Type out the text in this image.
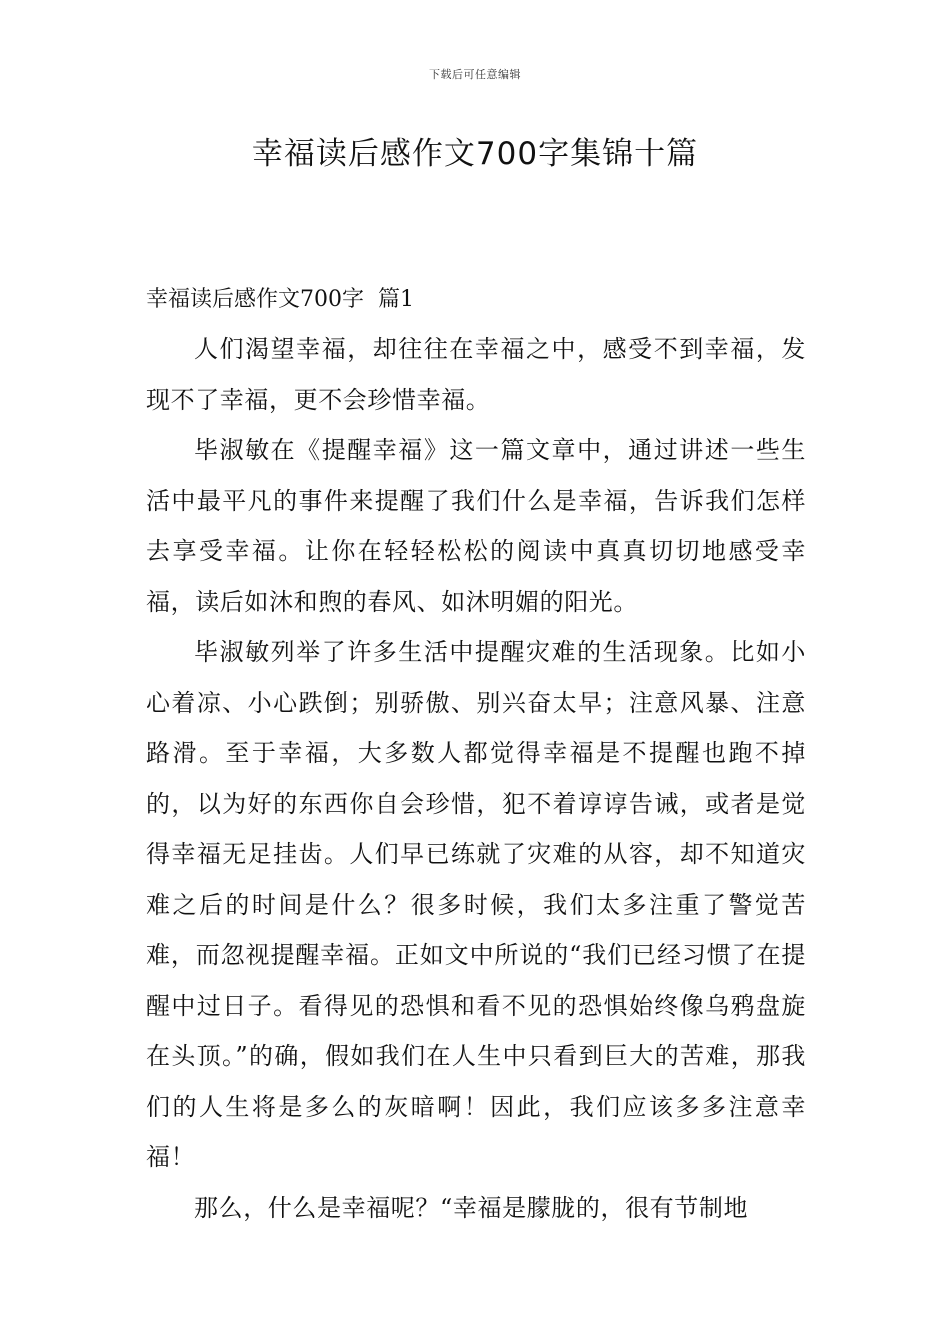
下载后可任意编辑
幸福读后感作文700字集锦十篇
幸福读后感作文700字  篇1

人们渴望幸福，却往往在幸福之中，感受不到幸福，发现不了幸福，更不会珍惜幸福。

毕淑敏在《提醒幸福》这一篇文章中，通过讲述一些生活中最平凡的事件来提醒了我们什么是幸福，告诉我们怎样去享受幸福。让你在轻轻松松的阅读中真真切切地感受幸福，读后如沐和煦的春风、如沐明媚的阳光。

毕淑敏列举了许多生活中提醒灾难的生活现象。比如小心着凉、小心跌倒；别骄傲、别兴奋太早；注意风暴、注意路滑。至于幸福，大多数人都觉得幸福是不提醒也跑不掉的，以为好的东西你自会珍惜，犯不着谆谆告诫，或者是觉得幸福无足挂齿。人们早已练就了灾难的从容，却不知道灾难之后的时间是什么？很多时候，我们太多注重了警觉苦难，而忽视提醒幸福。正如文中所说的“我们已经习惯了在提醒中过日子。看得见的恐惧和看不见的恐惧始终像乌鸦盘旋在头顶。”的确，假如我们在人生中只看到巨大的苦难，那我们的人生将是多么的灰暗啊！因此，我们应该多多注意幸福！

那么，什么是幸福呢？“幸福是朦胧的，很有节制地
